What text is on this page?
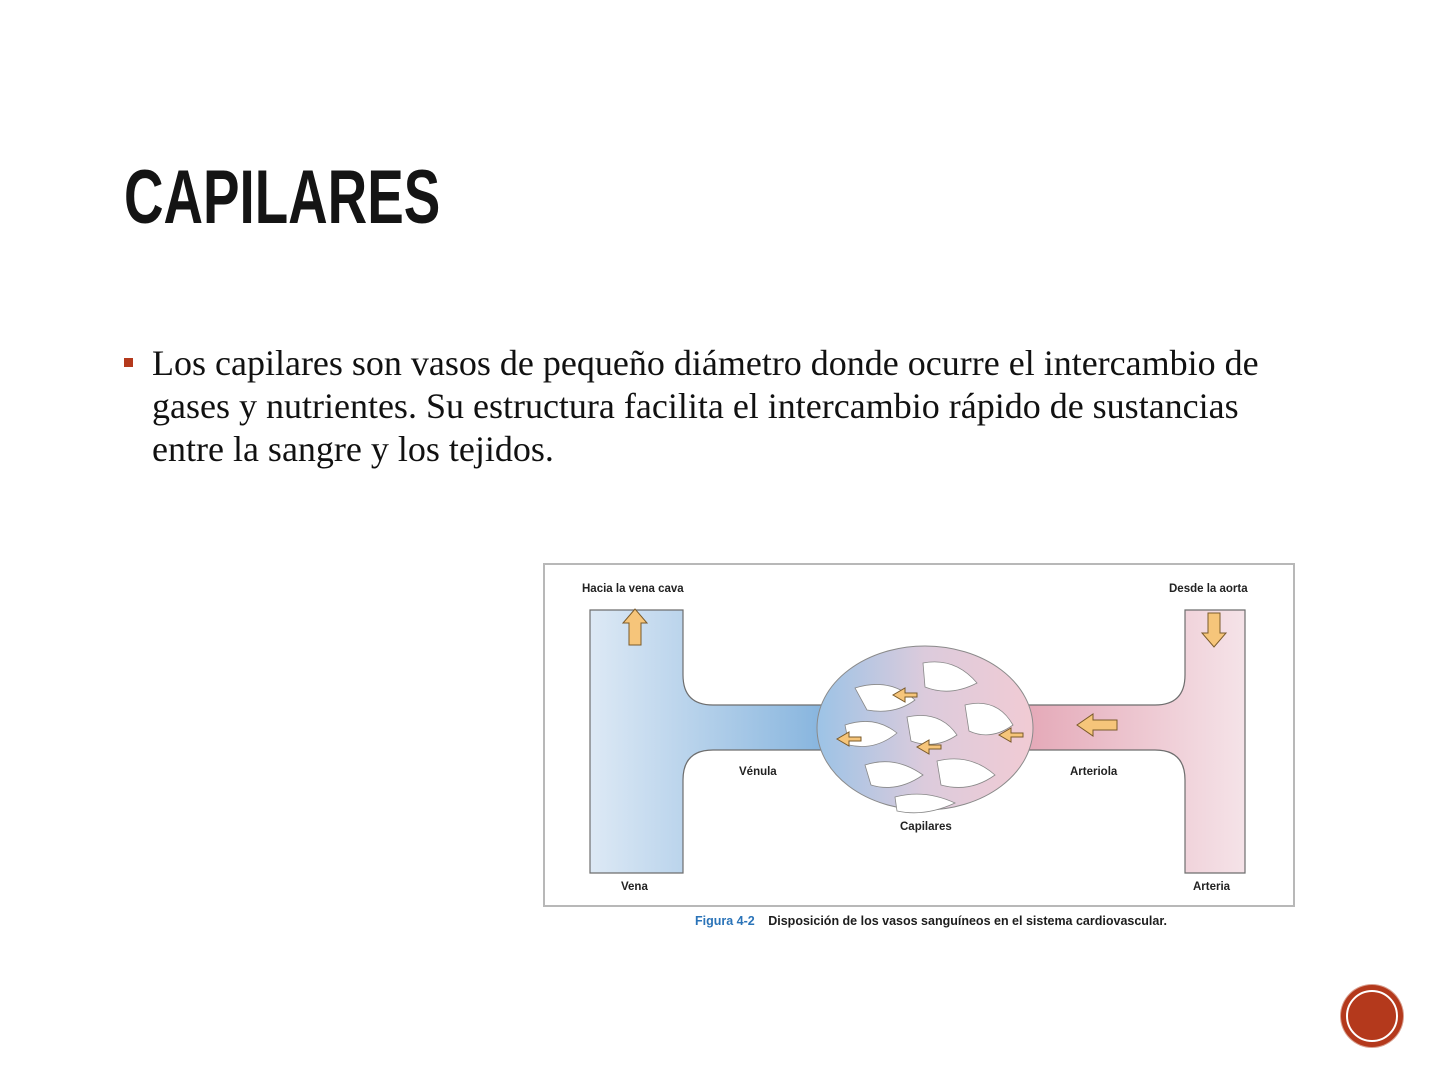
CAPILARES
Los capilares son vasos de pequeño diámetro donde ocurre el intercambio de gases y nutrientes. Su estructura facilita el intercambio rápido de sustancias entre la sangre y los tejidos.
Hacia la vena cava	Desde la aorta
Vénula	Arteriola
Capilares
Vena	Arteria
Figura 4-2 Disposición de los vasos sanguíneos en el sistema cardiovascular.
